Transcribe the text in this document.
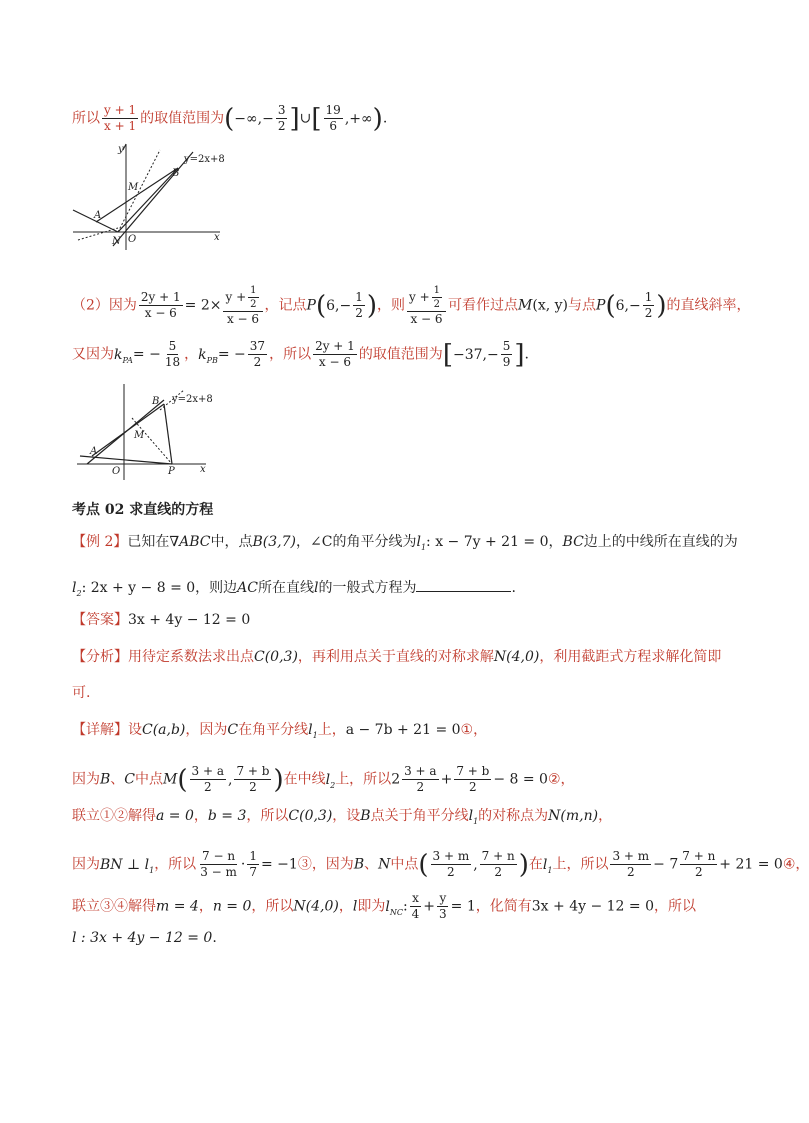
所以 $\frac{y + 1}{x + 1}$ 的取值范围为(−∞,− $\frac{3}{2}$ ]∪[ $\frac{19}{6}$ ,+∞).
y
x
O
A
B
M
N
y=2x+8
（2）因为 $\frac{2y + 1}{x - 6} = 2\times \frac{y + \frac{1}{2}}{x - 6}$ ，记点$P(6,- \frac{1}{2}$ )，则 $\frac{y + \frac{1}{2}}{x - 6}$ 可看作过点M(x, y)与点$P(6,- \frac{1}{2}$ )的直线斜率，
又因为$k_{PA}= - \frac{5}{18}$ ，$k_{PB}= - \frac{37}{2}$ ，所以 $\frac{2y + 1}{x - 6}$ 的取值范围为[$-37,- \frac{5}{9}$ ].
x
O
A
B
M
P
y=2x+8
考点 02 求直线的方程
【例 2】已知在∇ABC中，点B(3,7)，∠C的角平分线为$l_1$: x − 7y + 21 = 0，BC边上的中线所在直线的为
$l_2$: 2x + y − 8 = 0，则边AC所在直线l的一般式方程为	.
【答案】3x + 4y − 12 = 0
【分析】用待定系数法求出点C(0,3)，再利用点关于直线的对称求解N(4,0)，利用截距式方程求解化简即
可.
【详解】设C(a,b)，因为C在角平分线$l_1$上，a − 7b + 21 = 0①，
因为B、C中点$M( \frac{3 + a}{2}$ , $\frac{7 + b}{2}$ )在中线$l_2$上，所以$2 \frac{3 + a}{2} + \frac{7 + b}{2} - 8$ = 0②，
联立①②解得a = 0，b = 3，所以C(0,3)，设B点关于角平分线$l_1$的对称点为N(m,n)，
因为BN ⊥ $l_1$，所以 $\frac{7 - n}{3 - m} \cdot \frac{1}{7}$ = −1③，因为B、N中点( $\frac{3 + m}{2}$ , $\frac{7 + n}{2}$ )在$l_1$上，所以 $\frac{3 + m}{2} - 7 \frac{7 + n}{2} + 21$ = 0④，
联立③④解得m = 4，n = 0，所以N(4,0)，l即为$l_{NC}$: $\frac{x}{4} + \frac{y}{3} = 1$，化简有3x + 4y − 12 = 0，所以
l : 3x + 4y − 12 = 0.
